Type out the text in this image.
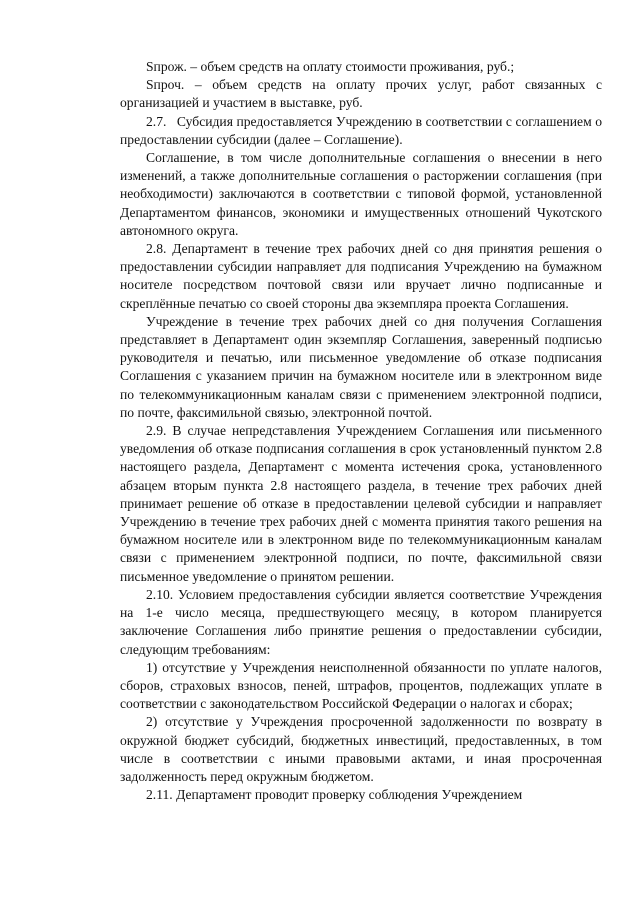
Sпрож. – объем средств на оплату стоимости проживания, руб.;

Sпроч. – объем средств на оплату прочих услуг, работ связанных с организацией и участием в выставке, руб.

2.7.   Субсидия предоставляется Учреждению в соответствии с соглашением о предоставлении субсидии (далее – Соглашение).

Соглашение, в том числе дополнительные соглашения о внесении в него изменений, а также дополнительные соглашения о расторжении соглашения (при необходимости) заключаются в соответствии с типовой формой, установленной Департаментом финансов, экономики и имущественных отношений Чукотского автономного округа.

2.8. Департамент в течение трех рабочих дней со дня принятия решения о предоставлении субсидии направляет для подписания Учреждению на бумажном носителе посредством почтовой связи или вручает лично подписанные и скреплённые печатью со своей стороны два экземпляра проекта Соглашения.

Учреждение в течение трех рабочих дней со дня получения Соглашения представляет в Департамент один экземпляр Соглашения, заверенный подписью руководителя и печатью, или письменное уведомление об отказе подписания Соглашения с указанием причин на бумажном носителе или в электронном виде по телекоммуникационным каналам связи с применением электронной подписи, по почте, факсимильной связью, электронной почтой.

2.9. В случае непредставления Учреждением Соглашения или письменного уведомления об отказе подписания соглашения в срок установленный пунктом 2.8 настоящего раздела, Департамент с момента истечения срока, установленного абзацем вторым пункта 2.8 настоящего раздела, в течение трех рабочих дней принимает решение об отказе в предоставлении целевой субсидии и направляет Учреждению в течение трех рабочих дней с момента принятия такого решения на бумажном носителе или в электронном виде по телекоммуникационным каналам связи с применением электронной подписи, по почте, факсимильной связи письменное уведомление о принятом решении.

2.10. Условием предоставления субсидии является соответствие Учреждения на 1-е число месяца, предшествующего месяцу, в котором планируется заключение Соглашения либо принятие решения о предоставлении субсидии, следующим требованиям:

1) отсутствие у Учреждения неисполненной обязанности по уплате налогов, сборов, страховых взносов, пеней, штрафов, процентов, подлежащих уплате в соответствии с законодательством Российской Федерации о налогах и сборах;

2) отсутствие у Учреждения просроченной задолженности по возврату в окружной бюджет субсидий, бюджетных инвестиций, предоставленных, в том числе в соответствии с иными правовыми актами, и иная просроченная задолженность перед окружным бюджетом.

2.11. Департамент проводит проверку соблюдения Учреждением
